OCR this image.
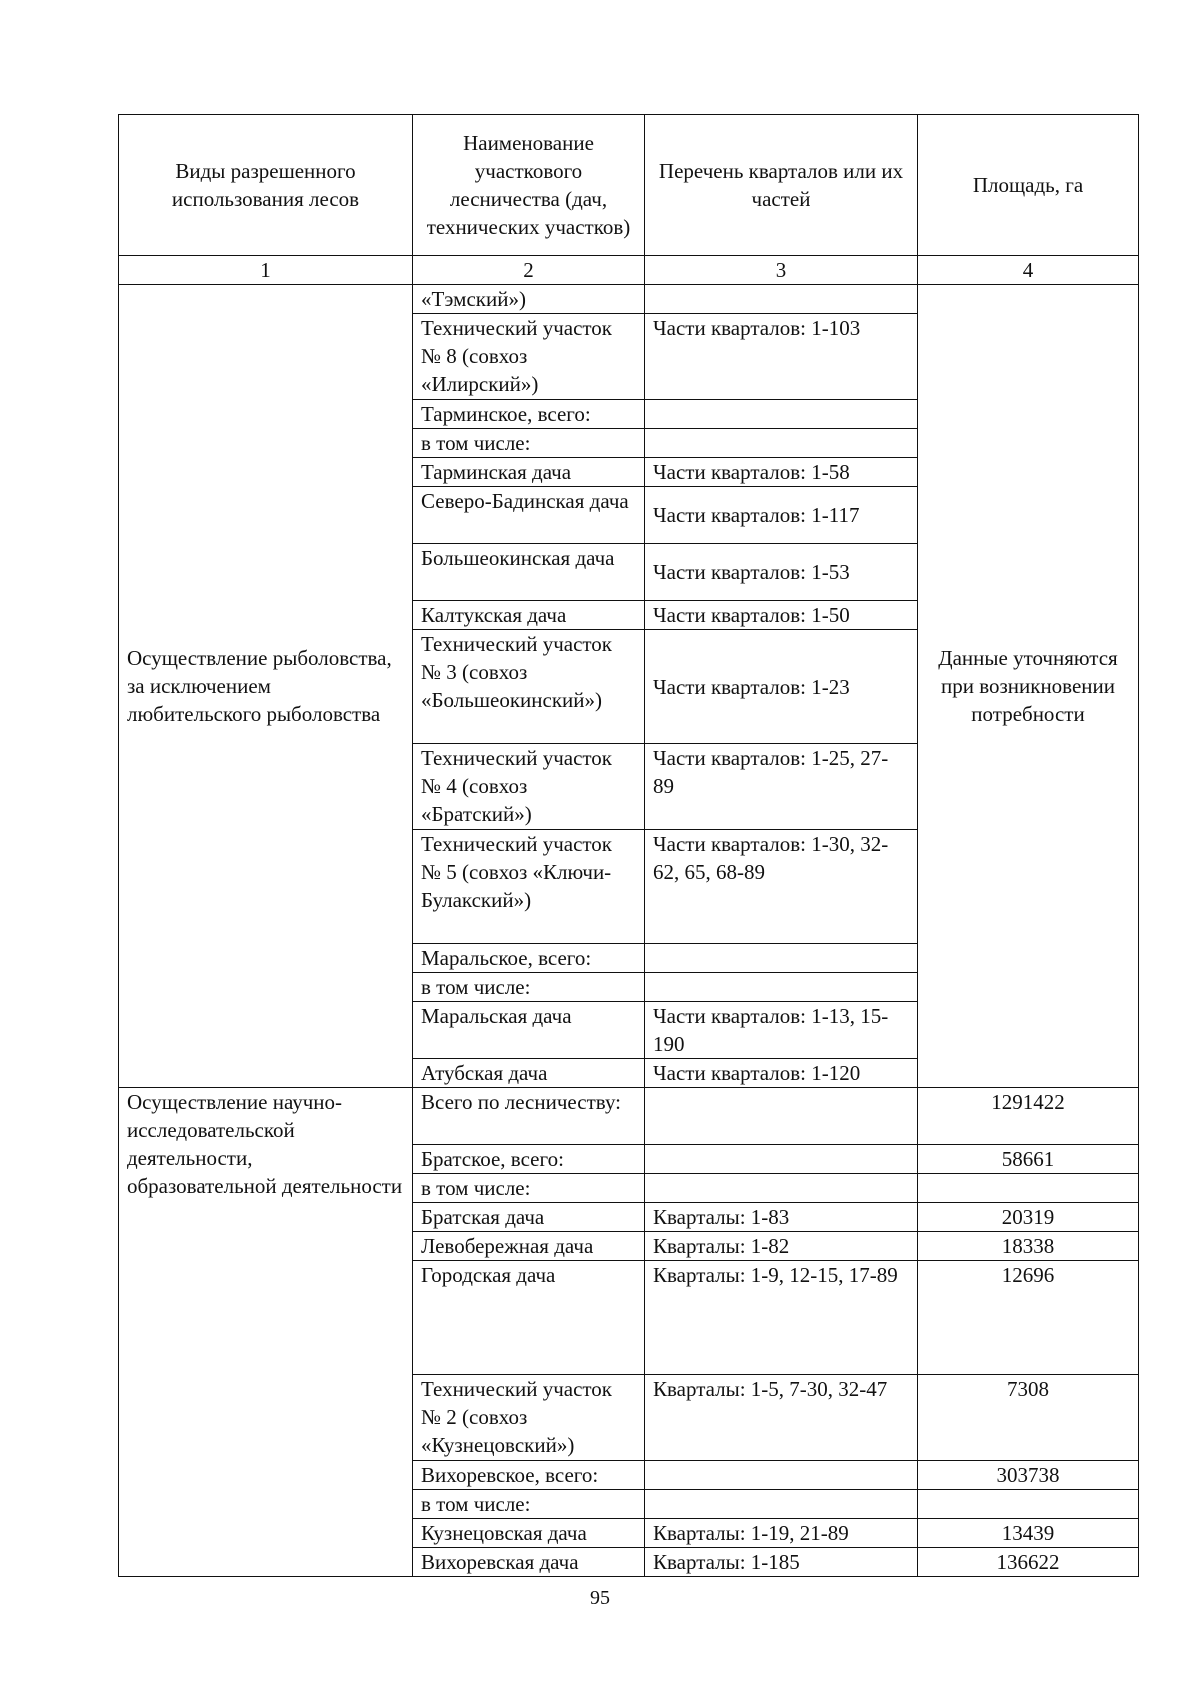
Виды разрешенного использования лесов	Наименование участкового лесничества (дач, технических участков)	Перечень кварталов или их частей	Площадь, га
1	2	3	4
Осуществление рыболовства, за исключением любительского рыболовства	«Тэмский»)		Данные уточняются при возникновении потребности
	Технический участок № 8 (совхоз «Илирский»)	Части кварталов: 1-103	
	Тарминское, всего:		
	в том числе:		
	Тарминская дача	Части кварталов: 1-58	
	Северо-Бадинская дача	Части кварталов: 1-117	
	Большеокинская дача	Части кварталов: 1-53	
	Калтукская дача	Части кварталов: 1-50	
	Технический участок № 3 (совхоз «Большеокинский»)	Части кварталов: 1-23	
	Технический участок № 4 (совхоз «Братский»)	Части кварталов: 1-25, 27-89	
	Технический участок № 5 (совхоз «Ключи-Булакский»)	Части кварталов: 1-30, 32-62, 65, 68-89	
	Маральское, всего:		
	в том числе:		
	Маральская дача	Части кварталов: 1-13, 15-190	
	Атубская дача	Части кварталов: 1-120	
Осуществление научно-исследовательской деятельности, образовательной деятельности	Всего по лесничеству:		1291422
	Братское, всего:		58661
	в том числе:		
	Братская дача	Кварталы: 1-83	20319
	Левобережная дача	Кварталы: 1-82	18338
	Городская дача	Кварталы: 1-9, 12-15, 17-89	12696
	Технический участок № 2 (совхоз «Кузнецовский»)	Кварталы: 1-5, 7-30, 32-47	7308
	Вихоревское, всего:		303738
	в том числе:		
	Кузнецовская дача	Кварталы: 1-19, 21-89	13439
	Вихоревская дача	Кварталы: 1-185	136622
95
